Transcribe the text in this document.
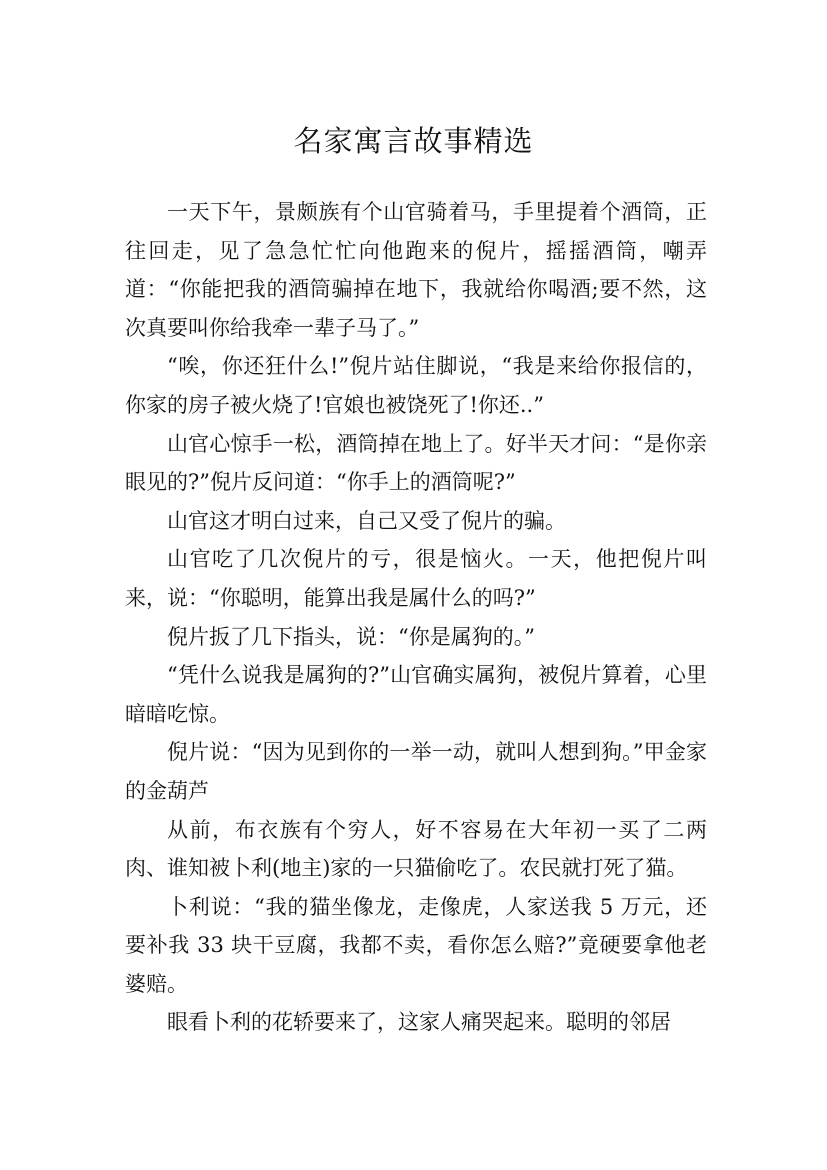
名家寓言故事精选

一天下午，景颇族有个山官骑着马，手里提着个酒筒，正往回走，见了急急忙忙向他跑来的倪片，摇摇酒筒，嘲弄道：“你能把我的酒筒骗掉在地下，我就给你喝酒;要不然，这次真要叫你给我牵一辈子马了。”

“唉，你还狂什么!”倪片站住脚说，“我是来给你报信的，你家的房子被火烧了!官娘也被饶死了!你还..”

山官心惊手一松，酒筒掉在地上了。好半天才问：“是你亲眼见的?”倪片反问道：“你手上的酒筒呢?”

山官这才明白过来，自己又受了倪片的骗。

山官吃了几次倪片的亏，很是恼火。一天，他把倪片叫来，说：“你聪明，能算出我是属什么的吗?”

倪片扳了几下指头，说：“你是属狗的。”

“凭什么说我是属狗的?”山官确实属狗，被倪片算着，心里暗暗吃惊。

倪片说：“因为见到你的一举一动，就叫人想到狗。”甲金家的金葫芦

从前，布衣族有个穷人，好不容易在大年初一买了二两肉、谁知被卜利(地主)家的一只猫偷吃了。农民就打死了猫。

卜利说：“我的猫坐像龙，走像虎，人家送我 5 万元，还要补我 33 块干豆腐，我都不卖，看你怎么赔?”竟硬要拿他老婆赔。

眼看卜利的花轿要来了，这家人痛哭起来。聪明的邻居
